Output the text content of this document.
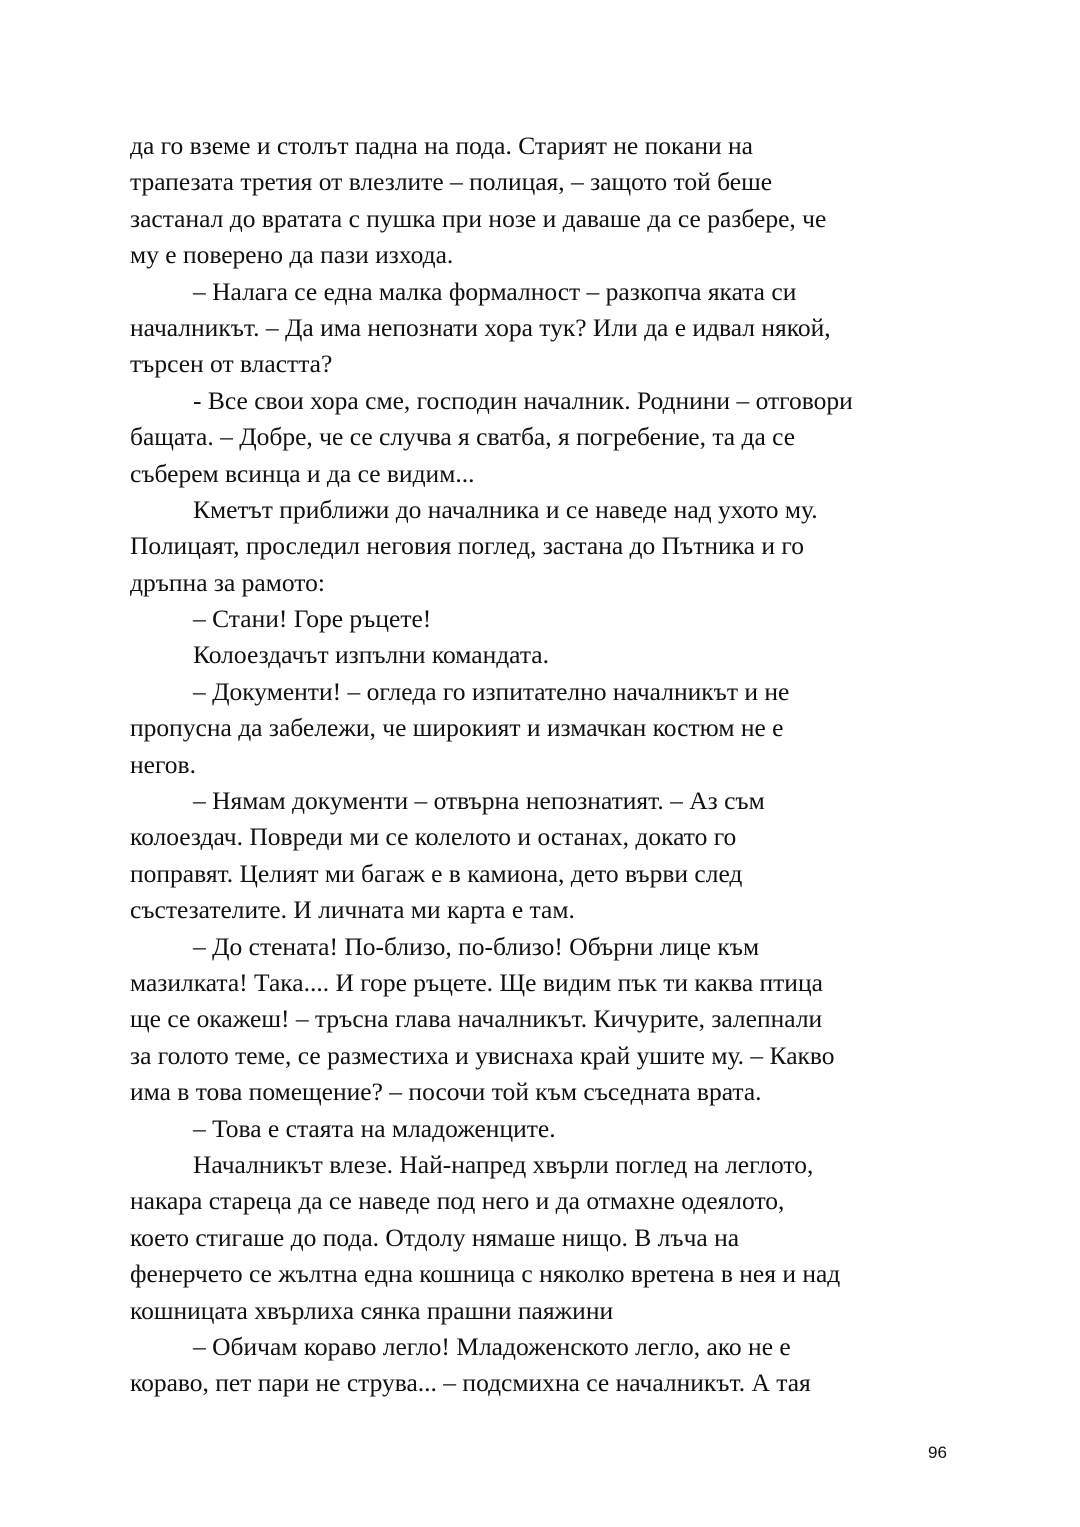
да го вземе и столът падна на пода. Старият не покани на
трапезата третия от влезлите – полицая, – защото той беше
застанал до вратата с пушка при нозе и даваше да се разбере, че
му е поверено да пази изхода.
– Налага се една малка формалност – разкопча яката си
началникът. – Да има непознати хора тук? Или да е идвал някой,
търсен от властта?
- Все свои хора сме, господин началник. Роднини – отговори
бащата. – Добре, че се случва я сватба, я погребение, та да се
съберем всинца и да се видим...
Кметът приближи до началника и се наведе над ухото му.
Полицаят, проследил неговия поглед, застана до Пътника и го
дръпна за рамото:
– Стани! Горе ръцете!
Колоездачът изпълни командата.
– Документи! – огледа го изпитателно началникът и не
пропусна да забележи, че широкият и измачкан костюм не е
негов.
– Нямам документи – отвърна непознатият. – Аз съм
колоездач. Повреди ми се колелото и останах, докато го
поправят. Целият ми багаж е в камиона, дето върви след
състезателите. И личната ми карта е там.
– До стената! По-близо, по-близо! Обърни лице към
мазилката! Така.... И горе ръцете. Ще видим пък ти каква птица
ще се окажеш! – тръсна глава началникът. Кичурите, залепнали
за голото теме, се разместиха и увиснаха край ушите му. – Какво
има в това помещение? – посочи той към съседната врата.
– Това е стаята на младоженците.
Началникът влезе. Най-напред хвърли поглед на леглото,
накара стареца да се наведе под него и да отмахне одеялото,
което стигаше до пода. Отдолу нямаше нищо. В лъча на
фенерчето се жълтна една кошница с няколко вретена в нея и над
кошницата хвърлиха сянка прашни паяжини
– Обичам кораво легло! Младоженското легло, ако не е
кораво, пет пари не струва... – подсмихна се началникът. А тая
96
